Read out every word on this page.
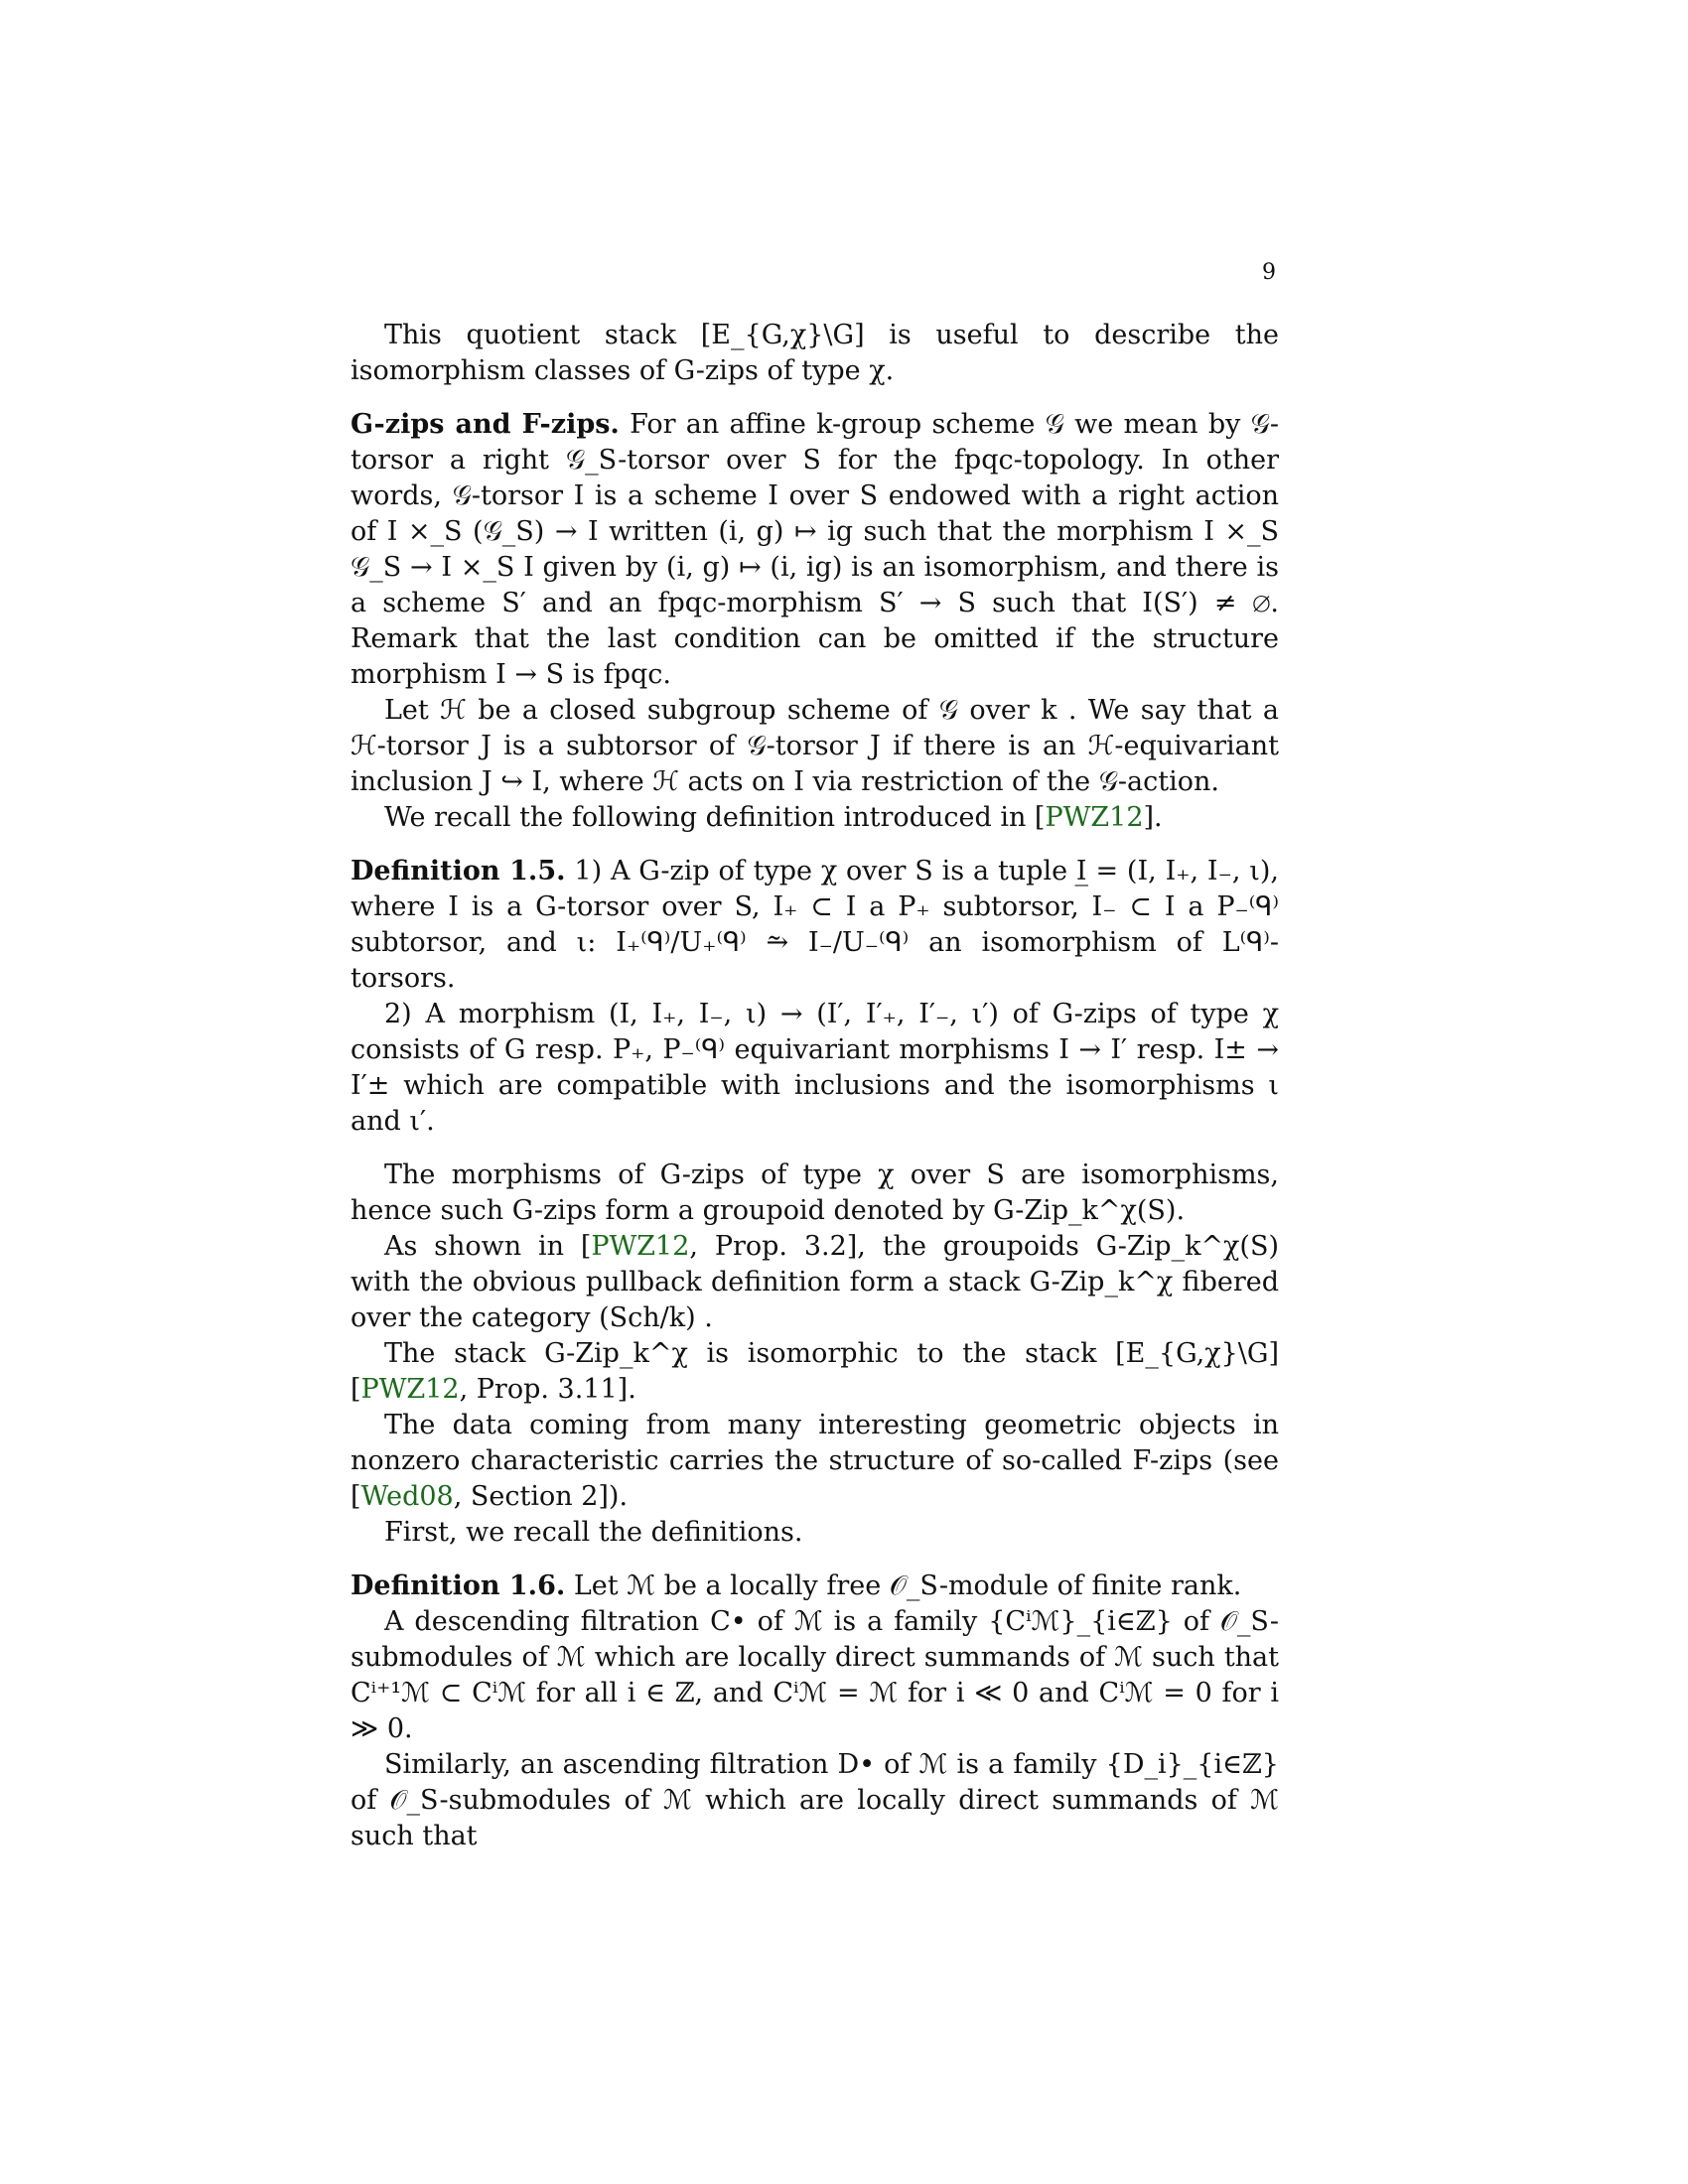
9

This quotient stack [E_{G,χ}\G] is useful to describe the isomorphism classes of G-zips of type χ.

G-zips and F-zips. For an affine k-group scheme 𝒢 we mean by 𝒢-torsor a right 𝒢_S-torsor over S for the fpqc-topology. In other words, 𝒢-torsor I is a scheme I over S endowed with a right action of I ×_S (𝒢_S) → I written (i, g) ↦ ig such that the morphism I ×_S 𝒢_S → I ×_S I given by (i, g) ↦ (i, ig) is an isomorphism, and there is a scheme S′ and an fpqc-morphism S′ → S such that I(S′) ≠ ∅. Remark that the last condition can be omitted if the structure morphism I → S is fpqc.

Let ℋ be a closed subgroup scheme of 𝒢 over k . We say that a ℋ-torsor J is a subtorsor of 𝒢-torsor J if there is an ℋ-equivariant inclusion J ↪ I, where ℋ acts on I via restriction of the 𝒢-action.

We recall the following definition introduced in [PWZ12].

Definition 1.5. 1) A G-zip of type χ over S is a tuple I̲ = (I, I₊, I₋, ι), where I is a G-torsor over S, I₊ ⊂ I a P₊ subtorsor, I₋ ⊂ I a P₋⁽ᑫ⁾ subtorsor, and ι: I₊⁽ᑫ⁾/U₊⁽ᑫ⁾ ⥲ I₋/U₋⁽ᑫ⁾ an isomorphism of L⁽ᑫ⁾-torsors.

2) A morphism (I, I₊, I₋, ι) → (I′, I′₊, I′₋, ι′) of G-zips of type χ consists of G resp. P₊, P₋⁽ᑫ⁾ equivariant morphisms I → I′ resp. I± → I′± which are compatible with inclusions and the isomorphisms ι and ι′.

The morphisms of G-zips of type χ over S are isomorphisms, hence such G-zips form a groupoid denoted by G-Zip_k^χ(S).

As shown in [PWZ12, Prop. 3.2], the groupoids G-Zip_k^χ(S) with the obvious pullback definition form a stack G-Zip_k^χ fibered over the category (Sch/k) .

The stack G-Zip_k^χ is isomorphic to the stack [E_{G,χ}\G] [PWZ12, Prop. 3.11].

The data coming from many interesting geometric objects in nonzero characteristic carries the structure of so-called F-zips (see [Wed08, Section 2]).

First, we recall the definitions.

Definition 1.6. Let ℳ be a locally free 𝒪_S-module of finite rank.

A descending filtration C• of ℳ is a family {Cⁱℳ}_{i∈ℤ} of 𝒪_S-submodules of ℳ which are locally direct summands of ℳ such that Cⁱ⁺¹ℳ ⊂ Cⁱℳ for all i ∈ ℤ, and Cⁱℳ = ℳ for i ≪ 0 and Cⁱℳ = 0 for i ≫ 0.

Similarly, an ascending filtration D• of ℳ is a family {D_i}_{i∈ℤ} of 𝒪_S-submodules of ℳ which are locally direct summands of ℳ such that
